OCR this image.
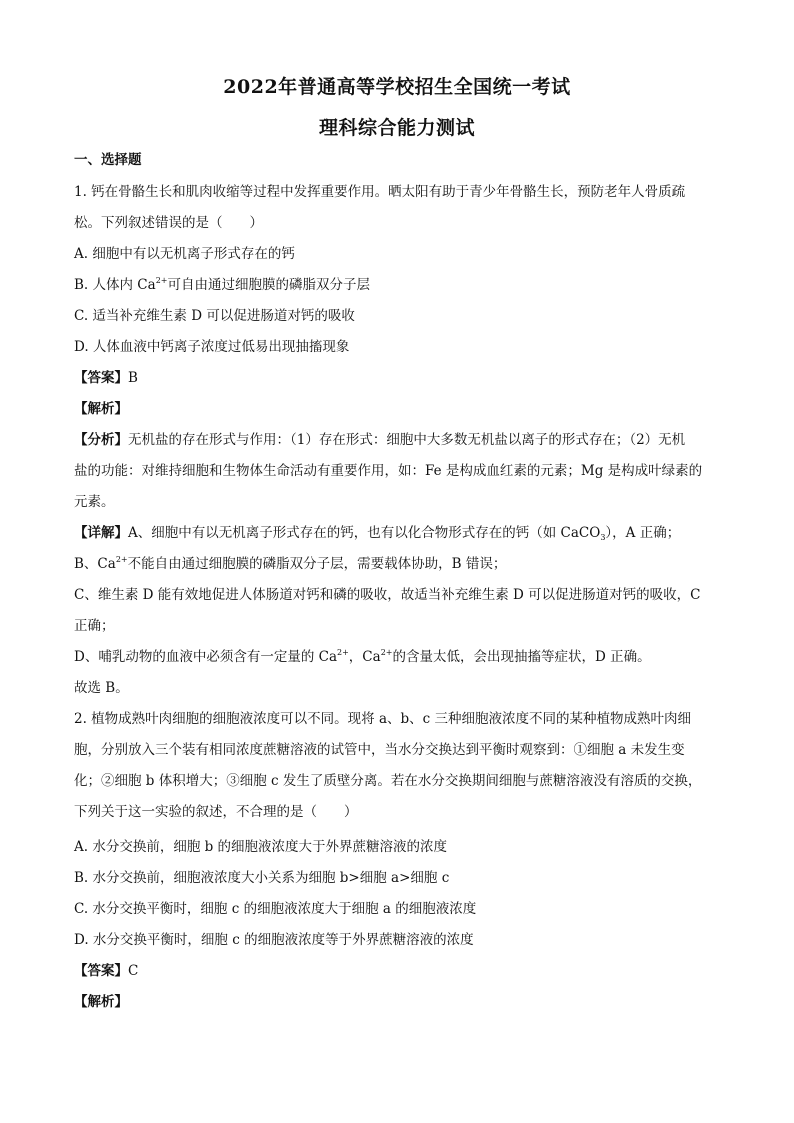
2022年普通高等学校招生全国统一考试
理科综合能力测试
一、选择题
1. 钙在骨骼生长和肌肉收缩等过程中发挥重要作用。晒太阳有助于青少年骨骼生长，预防老年人骨质疏
松。下列叙述错误的是（　　）
A. 细胞中有以无机离子形式存在的钙
B. 人体内 $Ca^{2+}$可自由通过细胞膜的磷脂双分子层
C. 适当补充维生素 D 可以促进肠道对钙的吸收
D. 人体血液中钙离子浓度过低易出现抽搐现象
【答案】B
【解析】
【分析】无机盐的存在形式与作用：（1）存在形式：细胞中大多数无机盐以离子的形式存在；（2）无机
盐的功能：对维持细胞和生物体生命活动有重要作用，如：Fe 是构成血红素的元素；Mg 是构成叶绿素的
元素。
【详解】A、细胞中有以无机离子形式存在的钙，也有以化合物形式存在的钙（如 CaCO$_3$），A 正确；
B、$Ca^{2+}$不能自由通过细胞膜的磷脂双分子层，需要载体协助，B 错误；
C、维生素 D 能有效地促进人体肠道对钙和磷的吸收，故适当补充维生素 D 可以促进肠道对钙的吸收，C
正确；
D、哺乳动物的血液中必须含有一定量的 $Ca^{2+}$，$Ca^{2+}$的含量太低，会出现抽搐等症状，D 正确。
故选 B。
2. 植物成熟叶肉细胞的细胞液浓度可以不同。现将 a、b、c 三种细胞液浓度不同的某种植物成熟叶肉细
胞，分别放入三个装有相同浓度蔗糖溶液的试管中，当水分交换达到平衡时观察到：①细胞 a 未发生变
化；②细胞 b 体积增大；③细胞 c 发生了质壁分离。若在水分交换期间细胞与蔗糖溶液没有溶质的交换，
下列关于这一实验的叙述，不合理的是（　　）
A. 水分交换前，细胞 b 的细胞液浓度大于外界蔗糖溶液的浓度
B. 水分交换前，细胞液浓度大小关系为细胞 b>细胞 a>细胞 c
C. 水分交换平衡时，细胞 c 的细胞液浓度大于细胞 a 的细胞液浓度
D. 水分交换平衡时，细胞 c 的细胞液浓度等于外界蔗糖溶液的浓度
【答案】C
【解析】
